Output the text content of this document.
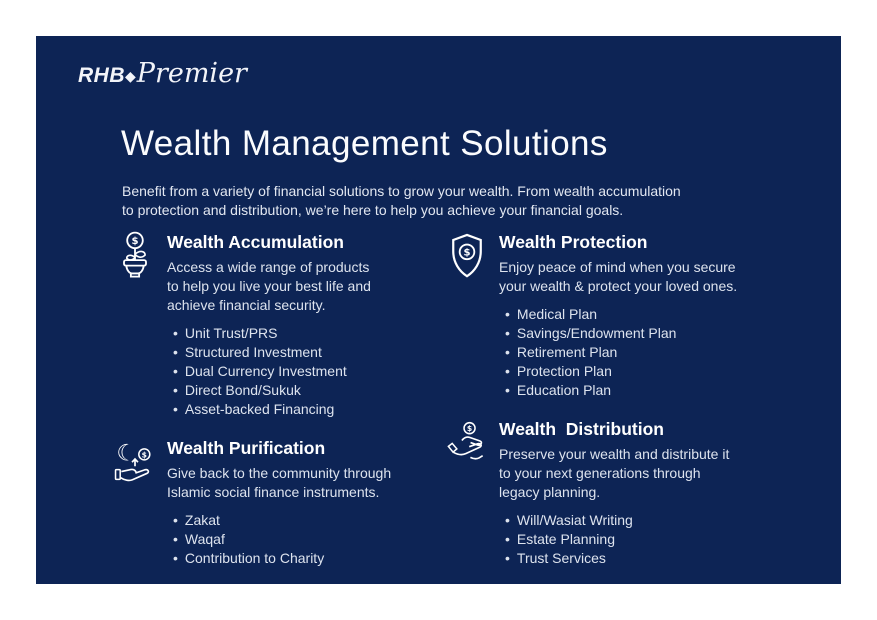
RHB ◆ Premier
Wealth Management Solutions
Benefit from a variety of financial solutions to grow your wealth. From wealth accumulation
to protection and distribution, we’re here to help you achieve your financial goals.
Wealth Accumulation
Access a wide range of products
to help you live your best life and
achieve financial security.
• Unit Trust/PRS
• Structured Investment
• Dual Currency Investment
• Direct Bond/Sukuk
• Asset-backed Financing
Wealth Purification
Give back to the community through
Islamic social finance instruments.
• Zakat
• Waqaf
• Contribution to Charity
Wealth Protection
Enjoy peace of mind when you secure
your wealth & protect your loved ones.
• Medical Plan
• Savings/Endowment Plan
• Retirement Plan
• Protection Plan
• Education Plan
Wealth  Distribution
Preserve your wealth and distribute it
to your next generations through
legacy planning.
• Will/Wasiat Writing
• Estate Planning
• Trust Services
